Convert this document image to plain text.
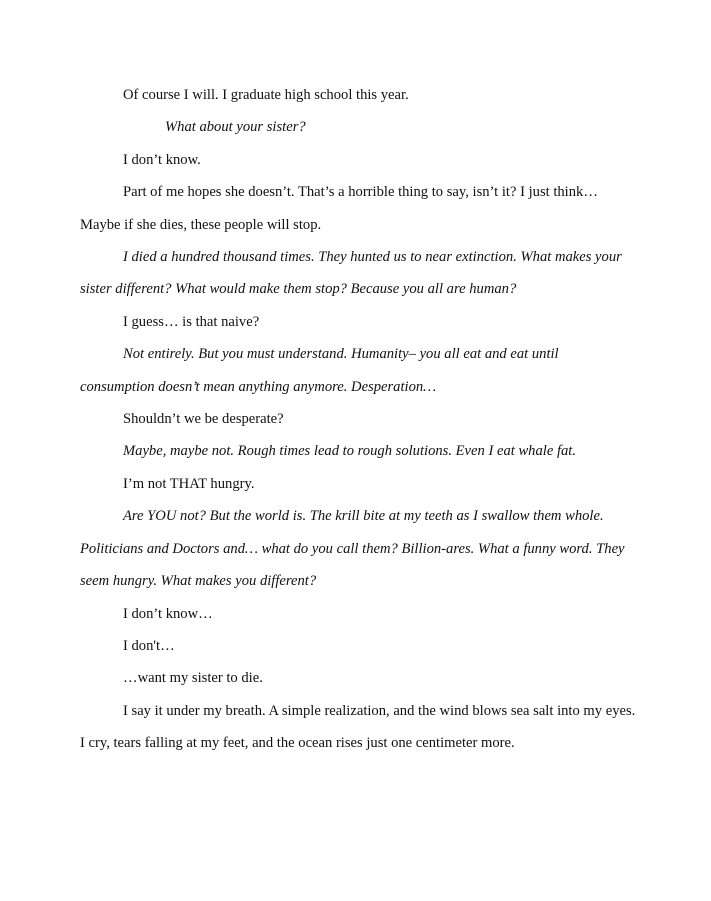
Of course I will. I graduate high school this year.

What about your sister?

I don’t know.

Part of me hopes she doesn’t. That’s a horrible thing to say, isn’t it? I just think… Maybe if she dies, these people will stop.

I died a hundred thousand times. They hunted us to near extinction. What makes your sister different? What would make them stop? Because you all are human?

I guess… is that naive?

Not entirely. But you must understand. Humanity– you all eat and eat until consumption doesn’t mean anything anymore. Desperation…

Shouldn’t we be desperate?

Maybe, maybe not. Rough times lead to rough solutions. Even I eat whale fat.

I’m not THAT hungry.

Are YOU not? But the world is. The krill bite at my teeth as I swallow them whole. Politicians and Doctors and… what do you call them? Billion-ares. What a funny word. They seem hungry. What makes you different?

I don’t know…

I don't…

…want my sister to die.

I say it under my breath. A simple realization, and the wind blows sea salt into my eyes. I cry, tears falling at my feet, and the ocean rises just one centimeter more.
